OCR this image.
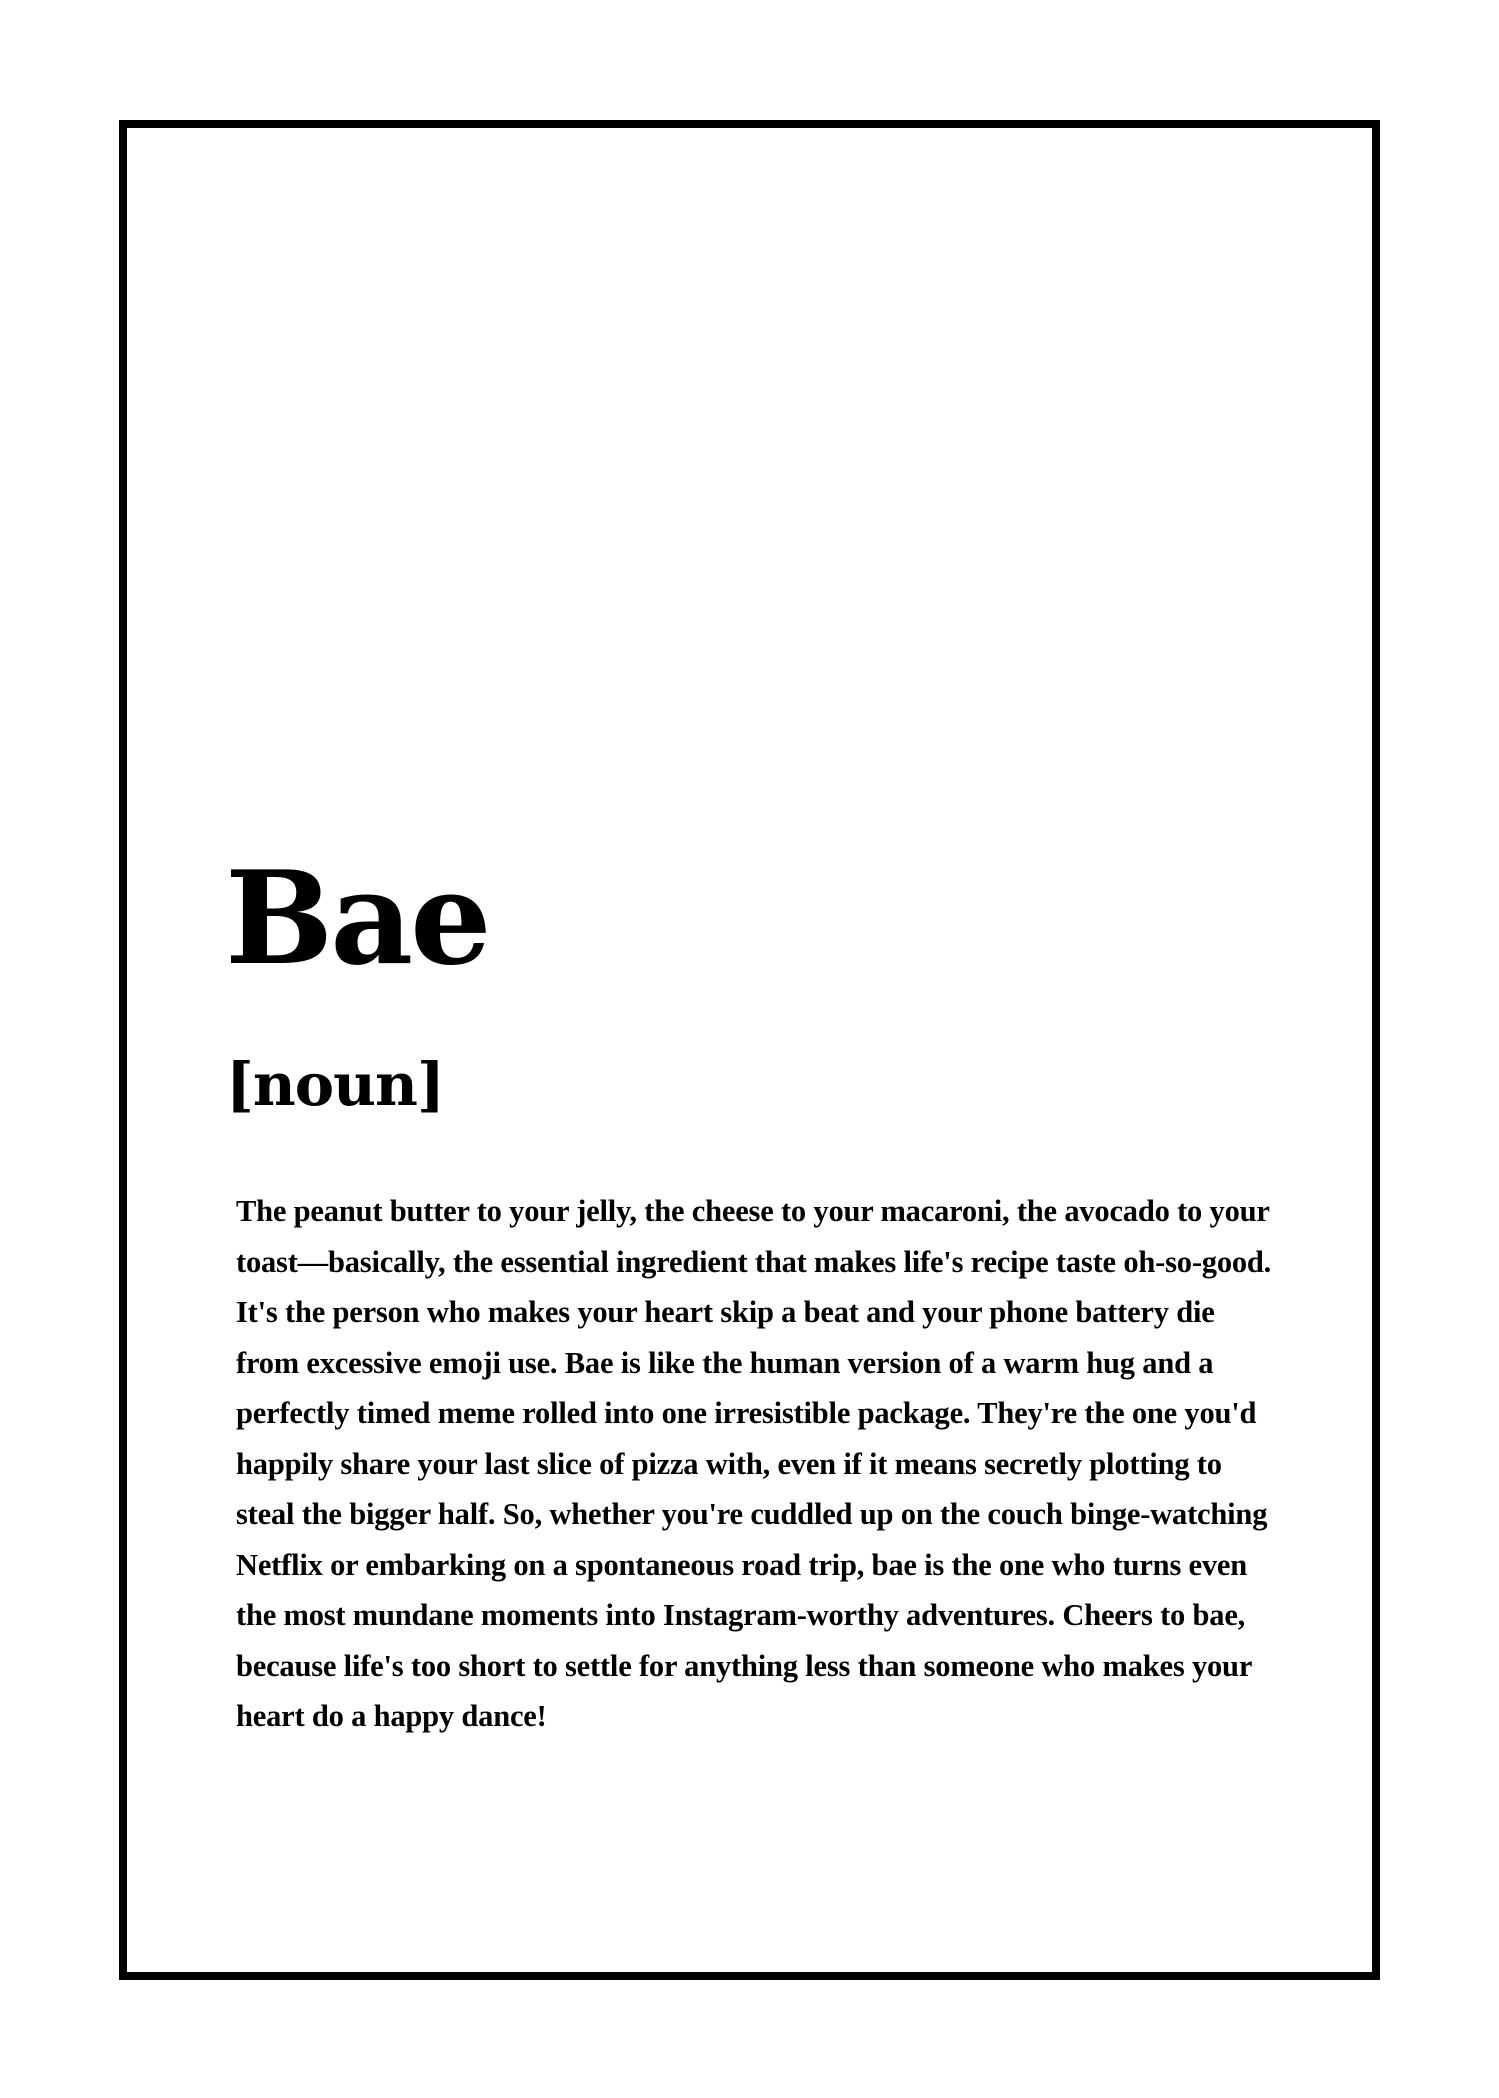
Bae
[noun]

The peanut butter to your jelly, the cheese to your macaroni, the avocado to your toast—basically, the essential ingredient that makes life's recipe taste oh-so-good. It's the person who makes your heart skip a beat and your phone battery die from excessive emoji use. Bae is like the human version of a warm hug and a perfectly timed meme rolled into one irresistible package. They're the one you'd happily share your last slice of pizza with, even if it means secretly plotting to steal the bigger half. So, whether you're cuddled up on the couch binge-watching Netflix or embarking on a spontaneous road trip, bae is the one who turns even the most mundane moments into Instagram-worthy adventures. Cheers to bae, because life's too short to settle for anything less than someone who makes your heart do a happy dance!
